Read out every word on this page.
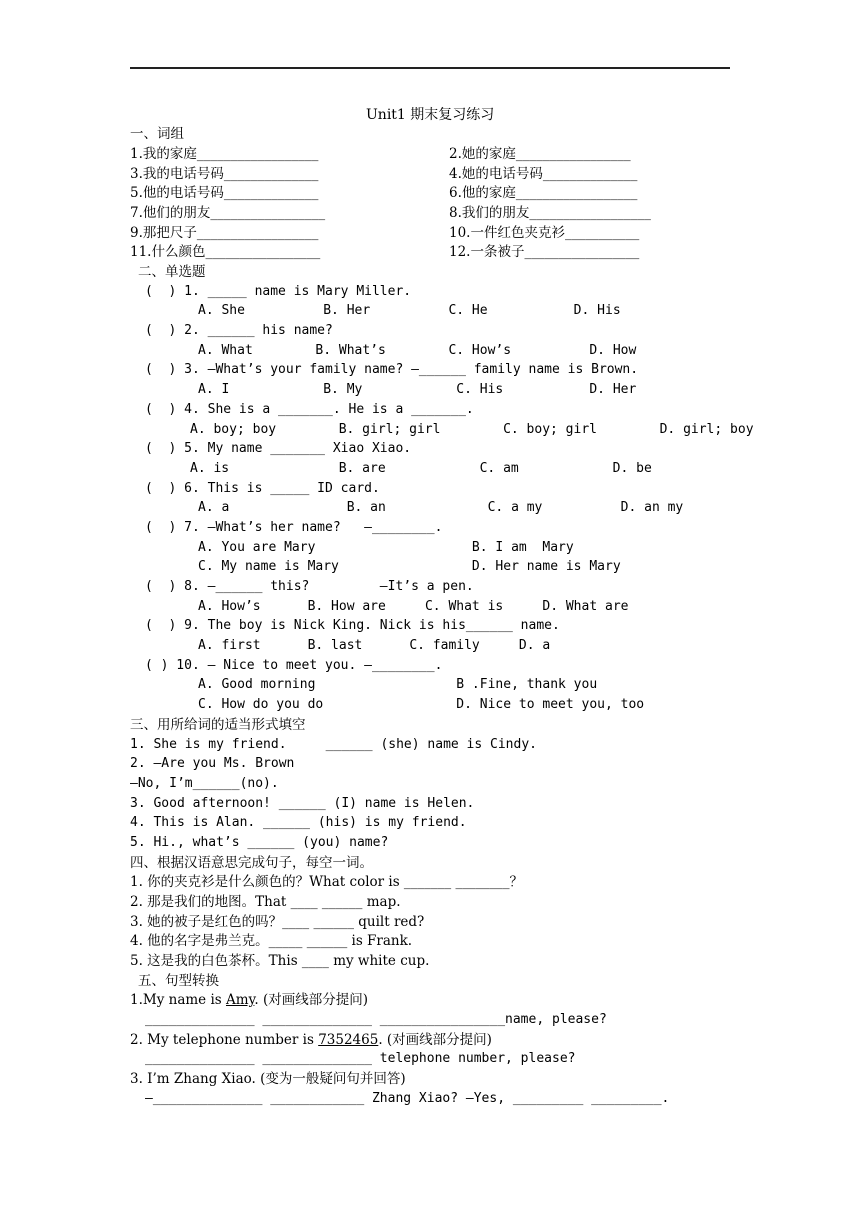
Unit1 期末复习练习
一、词组
1.我的家庭__________________	2.她的家庭_________________
3.我的电话号码______________	4.她的电话号码______________
5.他的电话号码______________	6.他的家庭__________________
7.他们的朋友_________________	8.我们的朋友__________________
9.那把尺子__________________	10.一件红色夹克衫___________
11.什么颜色_________________	12.一条被子_________________
二、单选题
(  ) 1. _____ name is Mary Miller.
A. She          B. Her          C. He           D. His
(  ) 2. ______ his name?
A. What        B. What’s        C. How’s          D. How
(  ) 3. —What’s your family name? —______ family name is Brown.
A. I            B. My            C. His           D. Her
(  ) 4. She is a _______. He is a _______.
A. boy; boy        B. girl; girl        C. boy; girl        D. girl; boy
(  ) 5. My name _______ Xiao Xiao.
A. is              B. are            C. am            D. be
(  ) 6. This is _____ ID card.
A. a               B. an             C. a my          D. an my
(  ) 7. —What’s her name?   —________.
A. You are Mary                    B. I am  Mary
C. My name is Mary                 D. Her name is Mary
(  ) 8. —______ this?         —It’s a pen.
A. How’s      B. How are     C. What is     D. What are
(  ) 9. The boy is Nick King. Nick is his______ name.
A. first      B. last      C. family     D. a
( ) 10. — Nice to meet you. —________.
A. Good morning                  B .Fine, thank you
C. How do you do                 D. Nice to meet you, too
三、用所给词的适当形式填空
1. She is my friend.     ______ (she) name is Cindy.
2. —Are you Ms. Brown
—No, I’m______(no).
3. Good afternoon! ______ (I) name is Helen.
4. This is Alan. ______ (his) is my friend.
5. Hi., what’s ______ (you) name?
四、根据汉语意思完成句子，每空一词。
1. 你的夹克衫是什么颜色的？What color is _______ ________？
2. 那是我们的地图。That ____ ______ map.
3. 她的被子是红色的吗？____ ______ quilt red?
4. 他的名字是弗兰克。_____ ______ is Frank.
5. 这是我的白色茶杯。This ____ my white cup.
五、句型转换
1.My name is Amy. (对画线部分提问)
______________ ______________ ________________name, please?
2. My telephone number is 7352465. (对画线部分提问)
______________ ______________ telephone number, please?
3. I’m Zhang Xiao. (变为一般疑问句并回答)
—______________ ____________ Zhang Xiao? —Yes, _________ _________.
